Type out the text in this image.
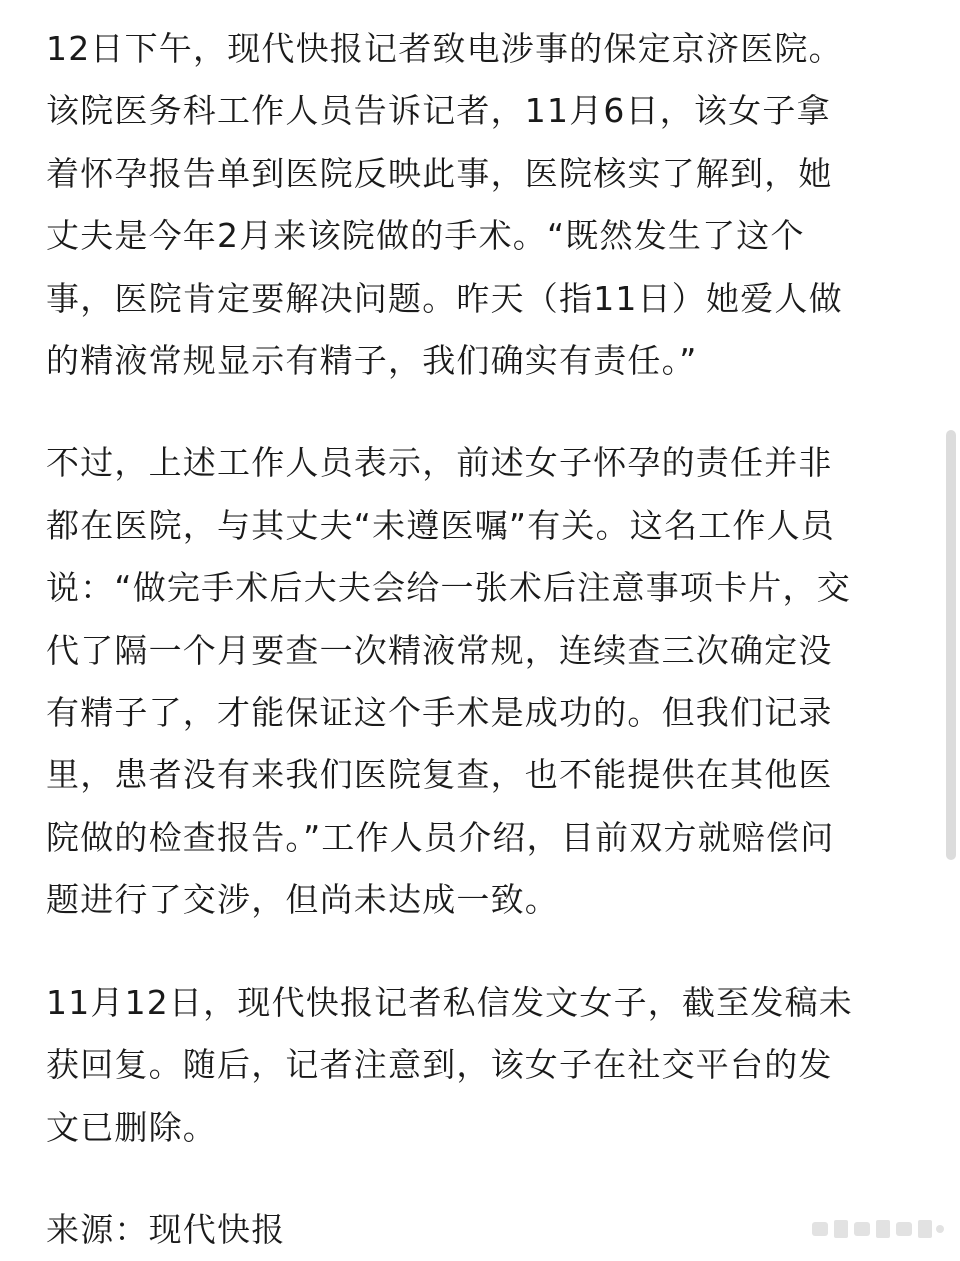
12日下午，现代快报记者致电涉事的保定京济医院。
该院医务科工作人员告诉记者，11月6日，该女子拿
着怀孕报告单到医院反映此事，医院核实了解到，她
丈夫是今年2月来该院做的手术。“既然发生了这个
事，医院肯定要解决问题。昨天（指11日）她爱人做
的精液常规显示有精子，我们确实有责任。”

不过，上述工作人员表示，前述女子怀孕的责任并非
都在医院，与其丈夫“未遵医嘱”有关。这名工作人员
说：“做完手术后大夫会给一张术后注意事项卡片，交
代了隔一个月要查一次精液常规，连续查三次确定没
有精子了，才能保证这个手术是成功的。但我们记录
里，患者没有来我们医院复查，也不能提供在其他医
院做的检查报告。”工作人员介绍，目前双方就赔偿问
题进行了交涉，但尚未达成一致。

11月12日，现代快报记者私信发文女子，截至发稿未
获回复。随后，记者注意到，该女子在社交平台的发
文已删除。

来源：现代快报
